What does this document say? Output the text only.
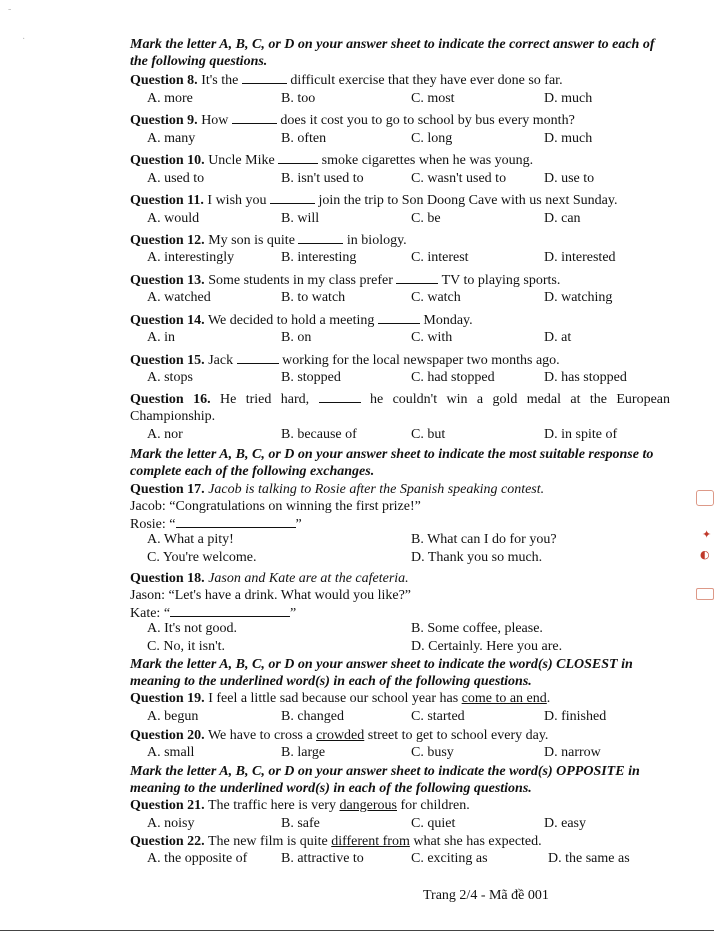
-
·	Mark the letter A, B, C, or D on your answer sheet to indicate the correct answer to each of the following questions.
Question 8. It's the	difficult exercise that they have ever done so far.
A. more	B. too	C. most	D. much
Question 9. How	does it cost you to go to school by bus every month?
A. many	B. often	C. long	D. much
Question 10. Uncle Mike	smoke cigarettes when he was young.
A. used to	B. isn't used to	C. wasn't used to	D. use to
Question 11. I wish you	join the trip to Son Doong Cave with us next Sunday.
A. would	B. will	C. be	D. can
Question 12. My son is quite	in biology.
A. interestingly	B. interesting	C. interest	D. interested
Question 13. Some students in my class prefer	TV to playing sports.
A. watched	B. to watch	C. watch	D. watching
Question 14. We decided to hold a meeting	Monday.
A. in	B. on	C. with	D. at
Question 15. Jack	working for the local newspaper two months ago.
A. stops	B. stopped	C. had stopped	D. has stopped
Question 16. He tried hard,	he couldn't win a gold medal at the European Championship.
A. nor	B. because of	C. but	D. in spite of
Mark the letter A, B, C, or D on your answer sheet to indicate the most suitable response to complete each of the following exchanges.
Question 17. Jacob is talking to Rosie after the Spanish speaking contest.
Jacob: “Congratulations on winning the first prize!”
Rosie: “	”
A. What a pity!	B. What can I do for you?
C. You're welcome.	D. Thank you so much.
Question 18. Jason and Kate are at the cafeteria.
Jason: “Let's have a drink. What would you like?”
Kate: “	”
A. It's not good.	B. Some coffee, please.
C. No, it isn't.	D. Certainly. Here you are.
Mark the letter A, B, C, or D on your answer sheet to indicate the word(s) CLOSEST in meaning to the underlined word(s) in each of the following questions.
Question 19. I feel a little sad because our school year has come to an end.
A. begun	B. changed	C. started	D. finished
Question 20. We have to cross a crowded street to get to school every day.
A. small	B. large	C. busy	D. narrow
Mark the letter A, B, C, or D on your answer sheet to indicate the word(s) OPPOSITE in meaning to the underlined word(s) in each of the following questions.
Question 21. The traffic here is very dangerous for children.
A. noisy	B. safe	C. quiet	D. easy
Question 22. The new film is quite different from what she has expected.
A. the opposite of B. attractive to	C. exciting as	D. the same as
Trang 2/4 - Mã đề 001
✦
◐
